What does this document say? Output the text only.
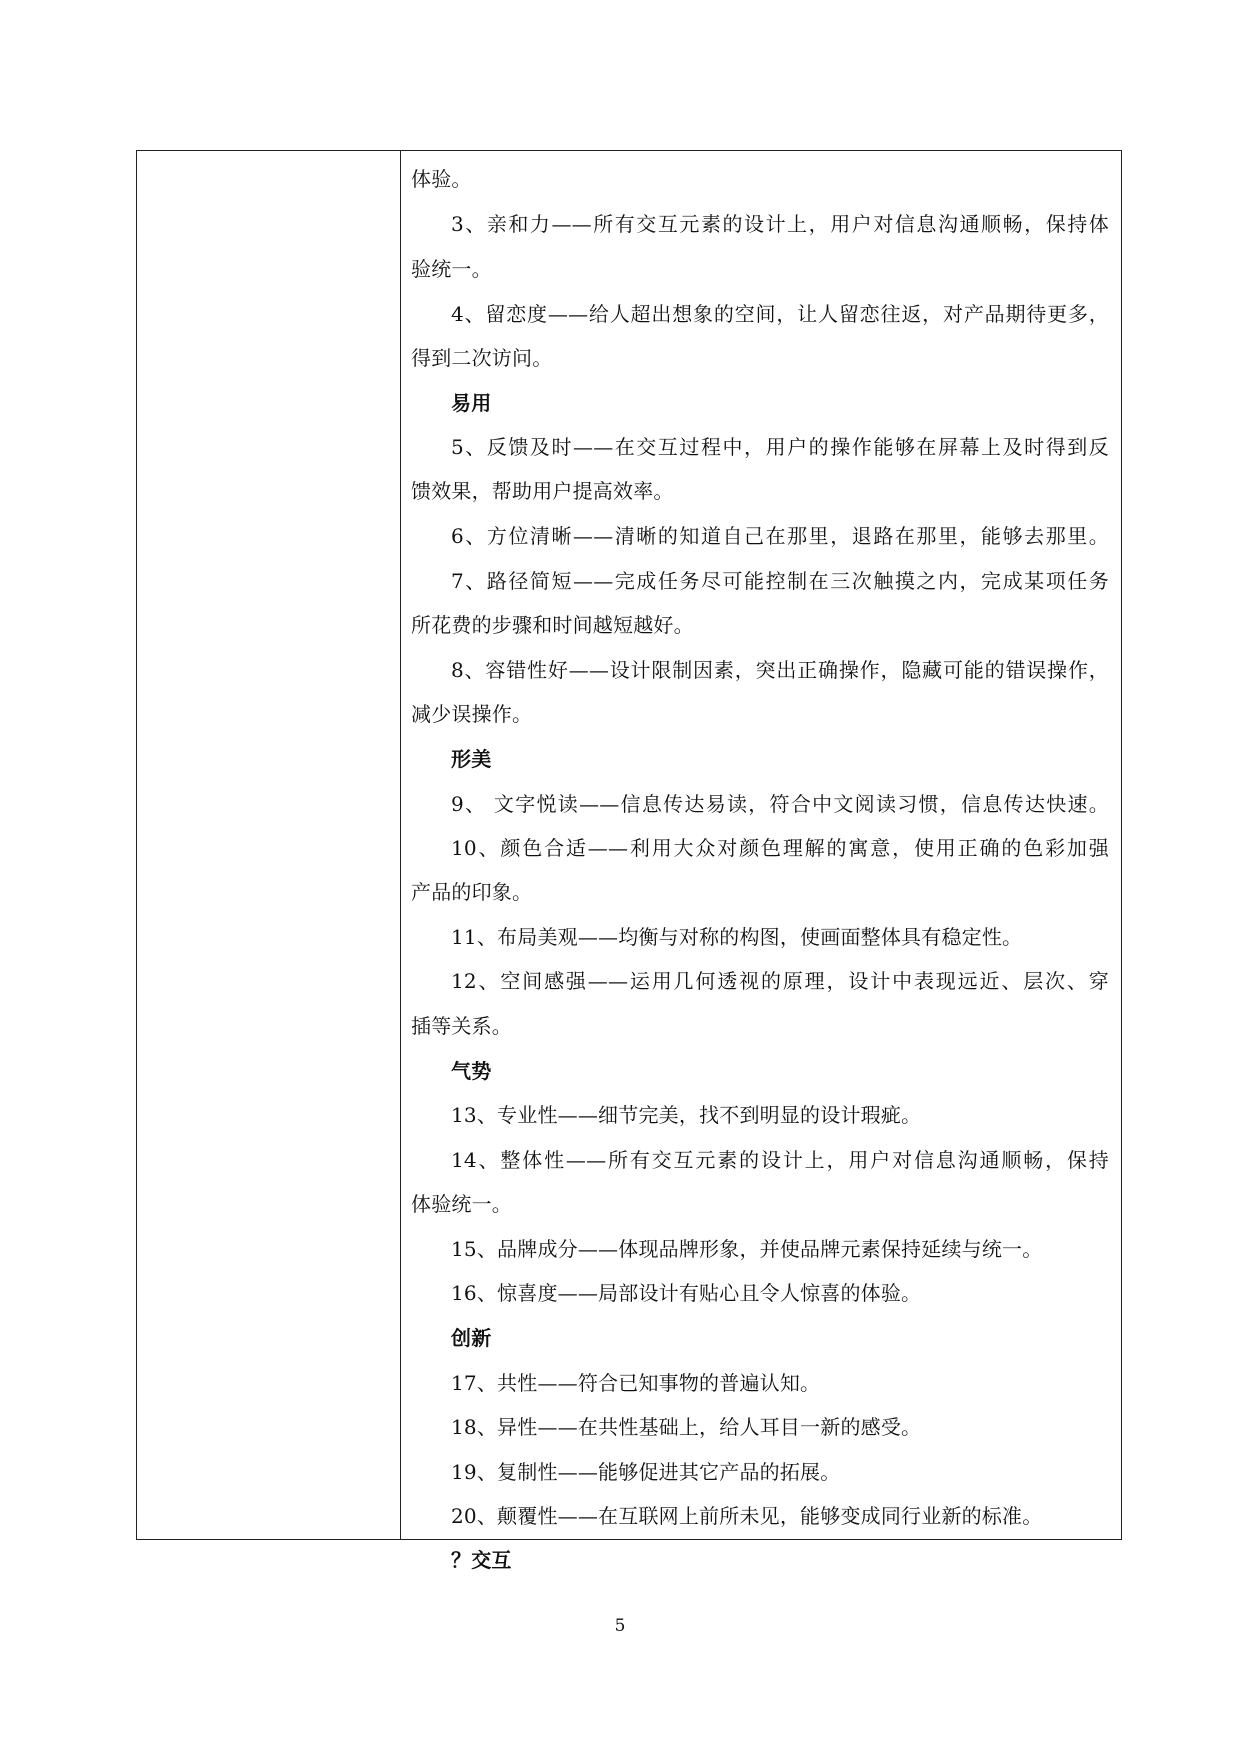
体验。
3、亲和力——所有交互元素的设计上，用户对信息沟通顺畅，保持体
验统一。
4、留恋度——给人超出想象的空间，让人留恋往返，对产品期待更多，
得到二次访问。
易用
5、反馈及时——在交互过程中，用户的操作能够在屏幕上及时得到反
馈效果，帮助用户提高效率。
6、方位清晰——清晰的知道自己在那里，退路在那里，能够去那里。
7、路径简短——完成任务尽可能控制在三次触摸之内，完成某项任务
所花费的步骤和时间越短越好。
8、容错性好——设计限制因素，突出正确操作，隐藏可能的错误操作，
减少误操作。
形美
9、 文字悦读——信息传达易读，符合中文阅读习惯，信息传达快速。
10、颜色合适——利用大众对颜色理解的寓意，使用正确的色彩加强
产品的印象。
11、布局美观——均衡与对称的构图，使画面整体具有稳定性。
12、空间感强——运用几何透视的原理，设计中表现远近、层次、穿
插等关系。
气势
13、专业性——细节完美，找不到明显的设计瑕疵。
14、整体性——所有交互元素的设计上，用户对信息沟通顺畅，保持
体验统一。
15、品牌成分——体现品牌形象，并使品牌元素保持延续与统一。
16、惊喜度——局部设计有贴心且令人惊喜的体验。
创新
17、共性——符合已知事物的普遍认知。
18、异性——在共性基础上，给人耳目一新的感受。
19、复制性——能够促进其它产品的拓展。
20、颠覆性——在互联网上前所未见，能够变成同行业新的标准。
？交互
5
